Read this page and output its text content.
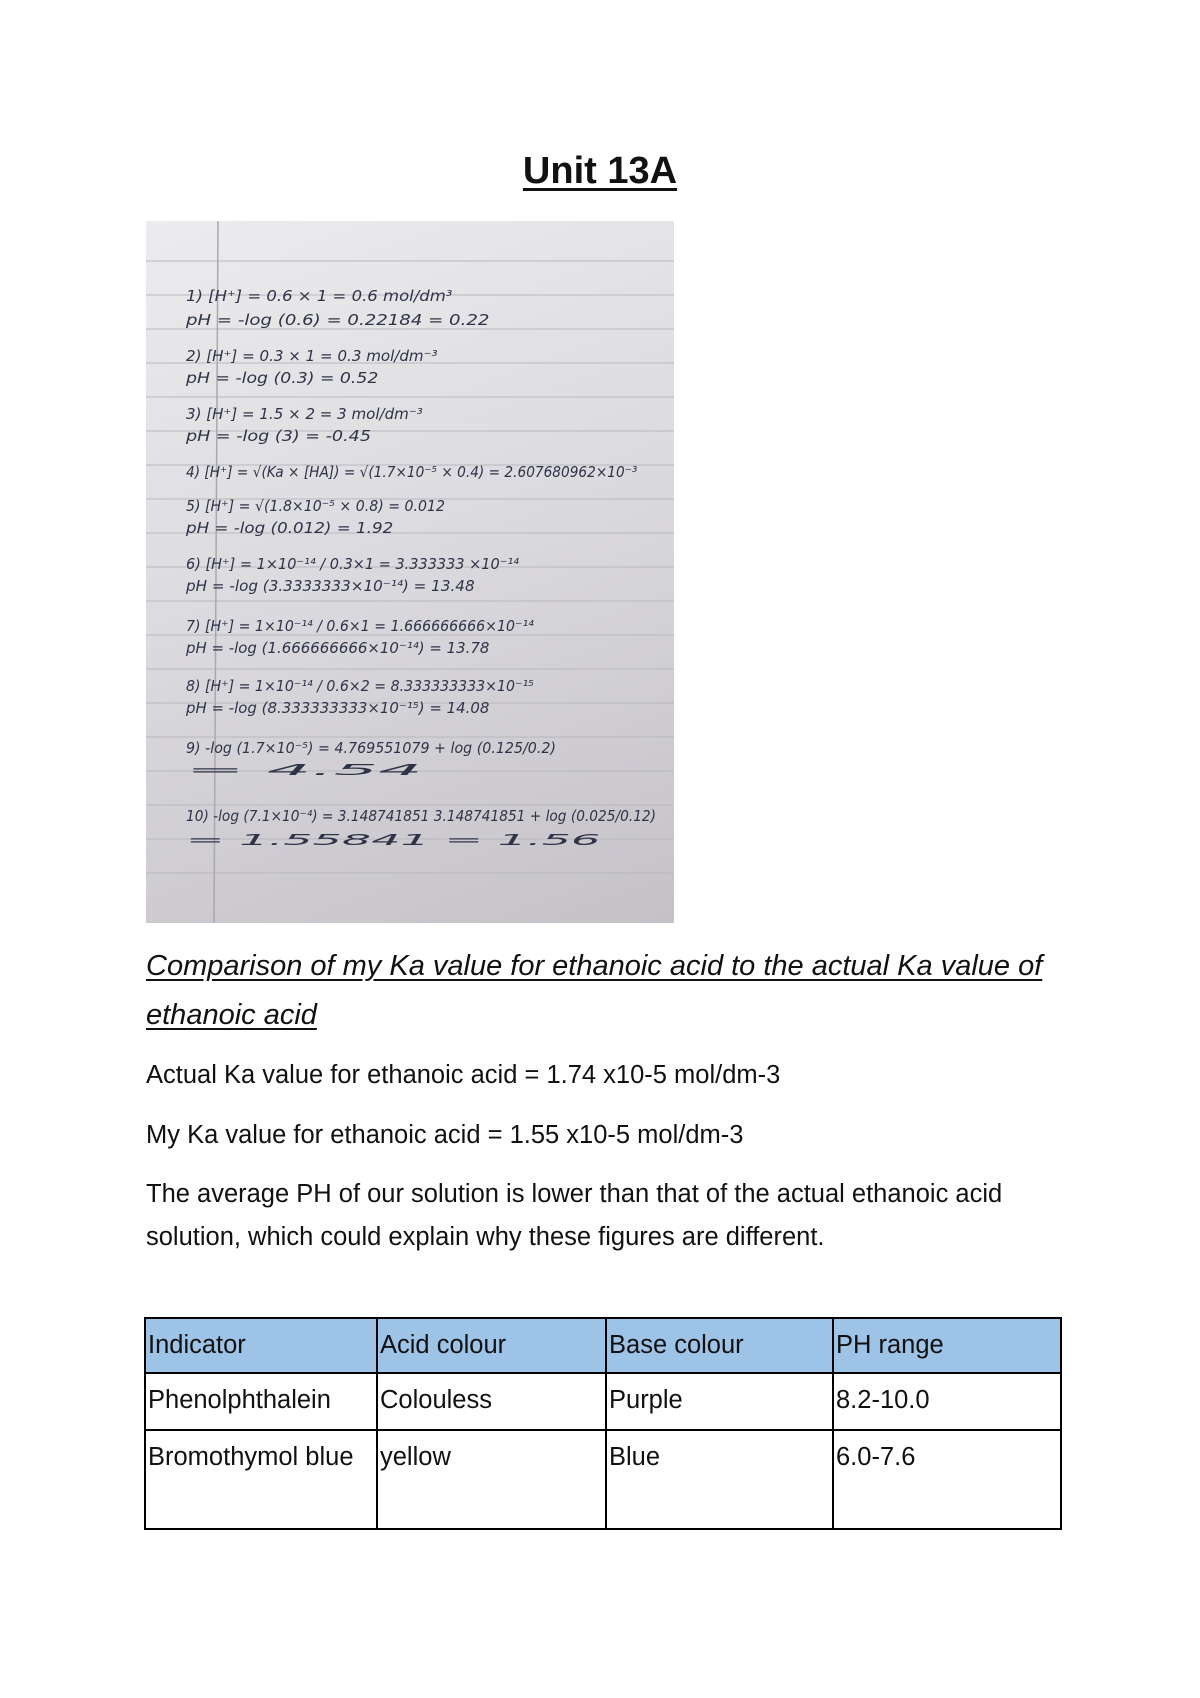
Unit 13A
1) [H⁺] = 0.6 × 1 = 0.6 mol/dm³
pH = -log (0.6) = 0.22184 = 0.22
2) [H⁺] = 0.3 × 1 = 0.3 mol/dm⁻³
pH = -log (0.3) = 0.52
3) [H⁺] = 1.5 × 2 = 3 mol/dm⁻³
pH = -log (3) = -0.45
4) [H⁺] = √(Ka × [HA]) = √(1.7×10⁻⁵ × 0.4) = 2.607680962×10⁻³
5) [H⁺] = √(1.8×10⁻⁵ × 0.8) = 0.012
pH = -log (0.012) = 1.92
6) [H⁺] = 1×10⁻¹⁴ / 0.3×1 = 3.333333 ×10⁻¹⁴
pH = -log (3.3333333×10⁻¹⁴) = 13.48
7) [H⁺] = 1×10⁻¹⁴ / 0.6×1 = 1.666666666×10⁻¹⁴
pH = -log (1.666666666×10⁻¹⁴) = 13.78
8) [H⁺] = 1×10⁻¹⁴ / 0.6×2 = 8.333333333×10⁻¹⁵
pH = -log (8.333333333×10⁻¹⁵) = 14.08
9) -log (1.7×10⁻⁵) = 4.769551079 + log (0.125/0.2)
= 4.54
10) -log (7.1×10⁻⁴) = 3.148741851 3.148741851 + log (0.025/0.12)
= 1.55841 = 1.56
Comparison of my Ka value for ethanoic acid to the actual Ka value of ethanoic acid
Actual Ka value for ethanoic acid = 1.74 x10-5 mol/dm-3
My Ka value for ethanoic acid = 1.55 x10-5 mol/dm-3
The average PH of our solution is lower than that of the actual ethanoic acid solution, which could explain why these figures are different.
Indicator	Acid colour	Base colour	PH range
Phenolphthalein	Colouless	Purple	8.2-10.0
Bromothymol blue	yellow	Blue	6.0-7.6
